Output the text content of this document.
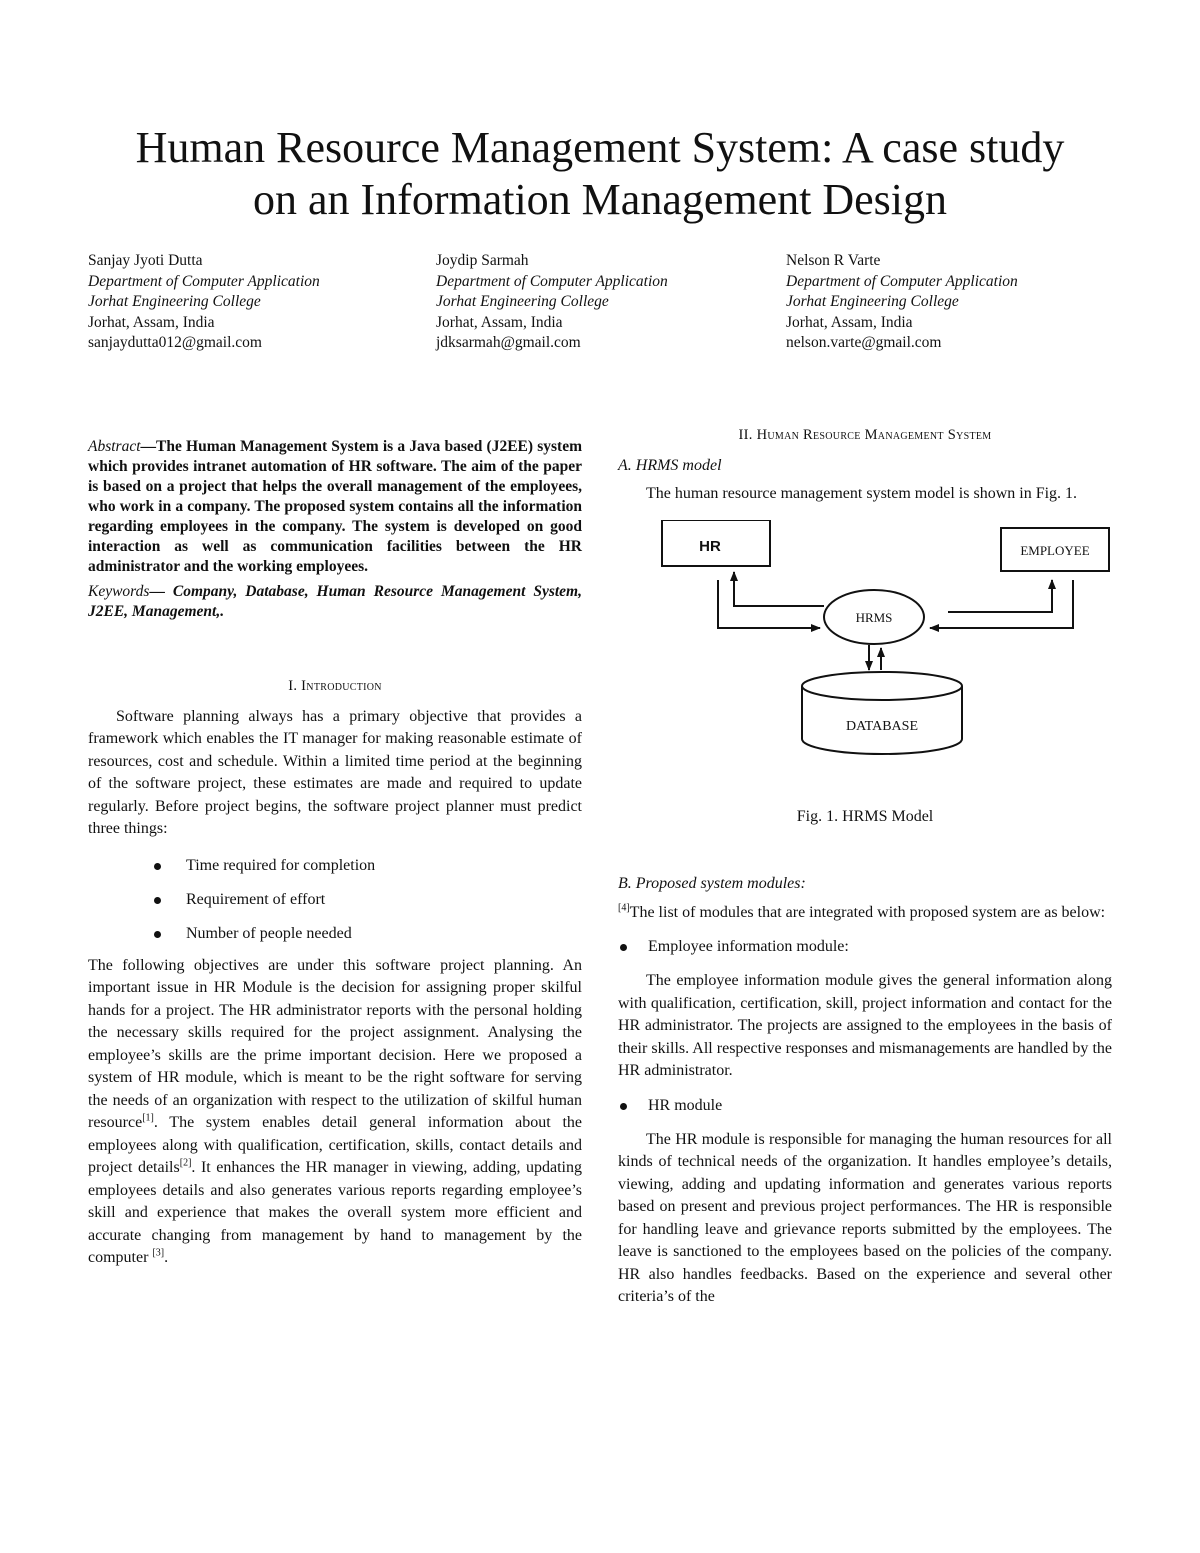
Human Resource Management System: A case study
on an Information Management Design
Sanjay Jyoti Dutta
Department of Computer Application
Jorhat Engineering College
Jorhat, Assam, India
sanjaydutta012@gmail.com
Joydip Sarmah
Department of Computer Application
Jorhat Engineering College
Jorhat, Assam, India
jdksarmah@gmail.com
Nelson R Varte
Department of Computer Application
Jorhat Engineering College
Jorhat, Assam, India
nelson.varte@gmail.com

Abstract—The Human Management System is a Java based (J2EE) system which provides intranet automation of HR software. The aim of the paper is based on a project that helps the overall management of the employees, who work in a company. The proposed system contains all the information regarding employees in the company. The system is developed on good interaction as well as communication facilities between the HR administrator and the working employees.

Keywords— Company, Database, Human Resource Management System, J2EE, Management,.

I. Introduction

Software planning always has a primary objective that provides a framework which enables the IT manager for making reasonable estimate of resources, cost and schedule. Within a limited time period at the beginning of the software project, these estimates are made and required to update regularly. Before project begins, the software project planner must predict three things:

Time required for completion
Requirement of effort
Number of people needed

The following objectives are under this software project planning. An important issue in HR Module is the decision for assigning proper skilful hands for a project. The HR administrator reports with the personal holding the necessary skills required for the project assignment. Analysing the employee’s skills are the prime important decision. Here we proposed a system of HR module, which is meant to be the right software for serving the needs of an organization with respect to the utilization of skilful human resource[1]. The system enables detail general information about the employees along with qualification, certification, skills, contact details and project details[2]. It enhances the HR manager in viewing, adding, updating employees details and also generates various reports regarding employee’s skill and experience that makes the overall system more efficient and accurate changing from management by hand to management by the computer [3].

II. Human Resource Management System

A. HRMS model

The human resource management system model is shown in Fig. 1.

HR	EMPLOYEE
HRMS
DATABASE

Fig. 1. HRMS Model

B. Proposed system modules:

[4]The list of modules that are integrated with proposed system are as below:

Employee information module:

The employee information module gives the general information along with qualification, certification, skill, project information and contact for the HR administrator. The projects are assigned to the employees in the basis of their skills. All respective responses and mismanagements are handled by the HR administrator.

HR module

The HR module is responsible for managing the human resources for all kinds of technical needs of the organization. It handles employee’s details, viewing, adding and updating information and generates various reports based on present and previous project performances. The HR is responsible for handling leave and grievance reports submitted by the employees. The leave is sanctioned to the employees based on the policies of the company. HR also handles feedbacks. Based on the experience and several other criteria’s of the
